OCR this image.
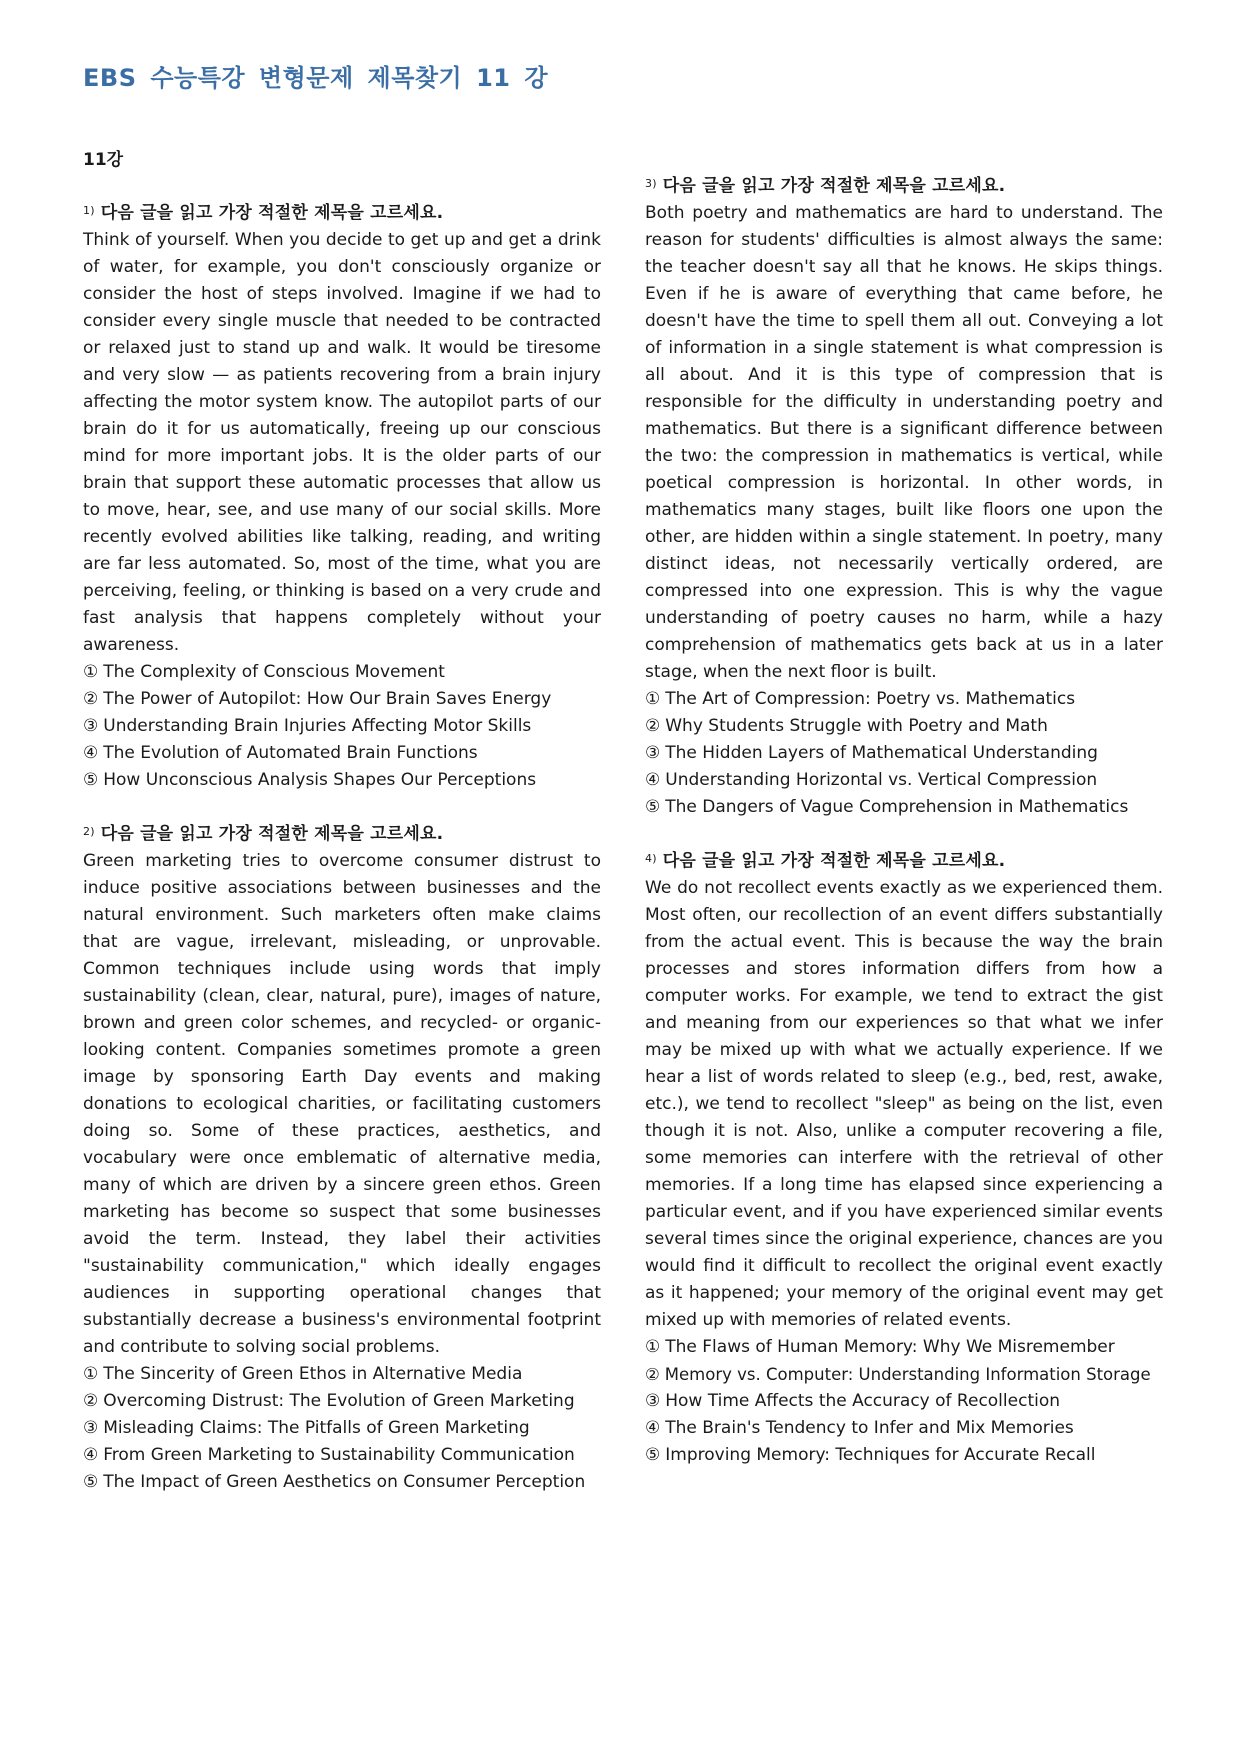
EBS 수능특강 변형문제 제목찾기 11 강
11강
$^{1)}$ 다음 글을 읽고 가장 적절한 제목을 고르세요.

Think of yourself. When you decide to get up and get a drink of water, for example, you don't consciously organize or consider the host of steps involved. Imagine if we had to consider every single muscle that needed to be contracted or relaxed just to stand up and walk. It would be tiresome and very slow — as patients recovering from a brain injury affecting the motor system know. The autopilot parts of our brain do it for us automatically, freeing up our conscious mind for more important jobs. It is the older parts of our brain that support these automatic processes that allow us to move, hear, see, and use many of our social skills. More recently evolved abilities like talking, reading, and writing are far less automated. So, most of the time, what you are perceiving, feeling, or thinking is based on a very crude and fast analysis that happens completely without your awareness.

① The Complexity of Conscious Movement
② The Power of Autopilot: How Our Brain Saves Energy
③ Understanding Brain Injuries Affecting Motor Skills
④ The Evolution of Automated Brain Functions
⑤ How Unconscious Analysis Shapes Our Perceptions
$^{2)}$ 다음 글을 읽고 가장 적절한 제목을 고르세요.

Green marketing tries to overcome consumer distrust to induce positive associations between businesses and the natural environment. Such marketers often make claims that are vague, irrelevant, misleading, or unprovable. Common techniques include using words that imply sustainability (clean, clear, natural, pure), images of nature, brown and green color schemes, and recycled- or organic-looking content. Companies sometimes promote a green image by sponsoring Earth Day events and making donations to ecological charities, or facilitating customers doing so. Some of these practices, aesthetics, and vocabulary were once emblematic of alternative media, many of which are driven by a sincere green ethos. Green marketing has become so suspect that some businesses avoid the term. Instead, they label their activities "sustainability communication," which ideally engages audiences in supporting operational changes that substantially decrease a business's environmental footprint and contribute to solving social problems.

① The Sincerity of Green Ethos in Alternative Media
② Overcoming Distrust: The Evolution of Green Marketing
③ Misleading Claims: The Pitfalls of Green Marketing
④ From Green Marketing to Sustainability Communication
⑤ The Impact of Green Aesthetics on Consumer Perception
$^{3)}$ 다음 글을 읽고 가장 적절한 제목을 고르세요.

Both poetry and mathematics are hard to understand. The reason for students' difficulties is almost always the same: the teacher doesn't say all that he knows. He skips things. Even if he is aware of everything that came before, he doesn't have the time to spell them all out. Conveying a lot of information in a single statement is what compression is all about. And it is this type of compression that is responsible for the difficulty in understanding poetry and mathematics. But there is a significant difference between the two: the compression in mathematics is vertical, while poetical compression is horizontal. In other words, in mathematics many stages, built like floors one upon the other, are hidden within a single statement. In poetry, many distinct ideas, not necessarily vertically ordered, are compressed into one expression. This is why the vague understanding of poetry causes no harm, while a hazy comprehension of mathematics gets back at us in a later stage, when the next floor is built.

① The Art of Compression: Poetry vs. Mathematics
② Why Students Struggle with Poetry and Math
③ The Hidden Layers of Mathematical Understanding
④ Understanding Horizontal vs. Vertical Compression
⑤ The Dangers of Vague Comprehension in Mathematics
$^{4)}$ 다음 글을 읽고 가장 적절한 제목을 고르세요.

We do not recollect events exactly as we experienced them. Most often, our recollection of an event differs substantially from the actual event. This is because the way the brain processes and stores information differs from how a computer works. For example, we tend to extract the gist and meaning from our experiences so that what we infer may be mixed up with what we actually experience. If we hear a list of words related to sleep (e.g., bed, rest, awake, etc.), we tend to recollect "sleep" as being on the list, even though it is not. Also, unlike a computer recovering a file, some memories can interfere with the retrieval of other memories. If a long time has elapsed since experiencing a particular event, and if you have experienced similar events several times since the original experience, chances are you would find it difficult to recollect the original event exactly as it happened; your memory of the original event may get mixed up with memories of related events.

① The Flaws of Human Memory: Why We Misremember
② Memory vs. Computer: Understanding Information Storage
③ How Time Affects the Accuracy of Recollection
④ The Brain's Tendency to Infer and Mix Memories
⑤ Improving Memory: Techniques for Accurate Recall
